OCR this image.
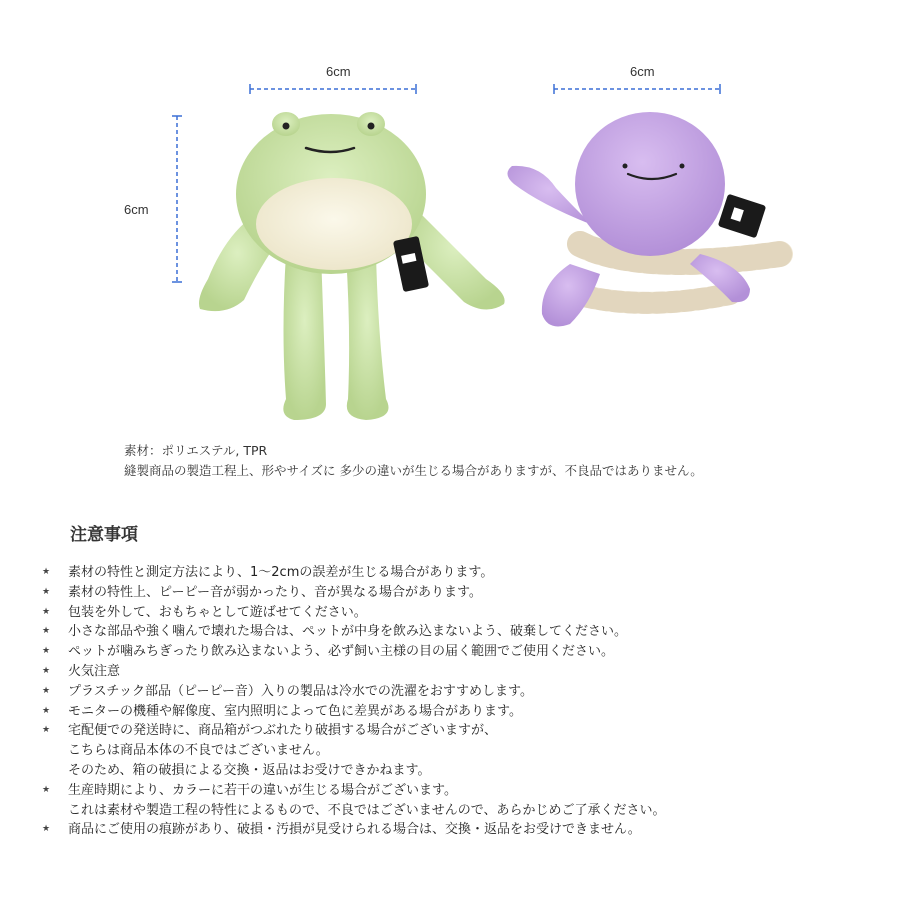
6cm	6cm
6cm
素材：ポリエステル, TPR
縫製商品の製造工程上、形やサイズに 多少の違いが生じる場合がありますが、不良品ではありません。
注意事項
★ 素材の特性と測定方法により、1～2cmの誤差が生じる場合があります。
★ 素材の特性上、ピーピー音が弱かったり、音が異なる場合があります。
★ 包装を外して、おもちゃとして遊ばせてください。
★ 小さな部品や強く噛んで壊れた場合は、ペットが中身を飲み込まないよう、破棄してください。
★ ペットが噛みちぎったり飲み込まないよう、必ず飼い主様の目の届く範囲でご使用ください。
★ 火気注意
★ プラスチック部品（ピーピー音）入りの製品は冷水での洗濯をおすすめします。
★ モニターの機種や解像度、室内照明によって色に差異がある場合があります。
★ 宅配便での発送時に、商品箱がつぶれたり破損する場合がございますが、
こちらは商品本体の不良ではございません。
そのため、箱の破損による交換・返品はお受けできかねます。
★ 生産時期により、カラーに若干の違いが生じる場合がございます。
これは素材や製造工程の特性によるもので、不良ではございませんので、あらかじめご了承ください。
★ 商品にご使用の痕跡があり、破損・汚損が見受けられる場合は、交換・返品をお受けできません。
